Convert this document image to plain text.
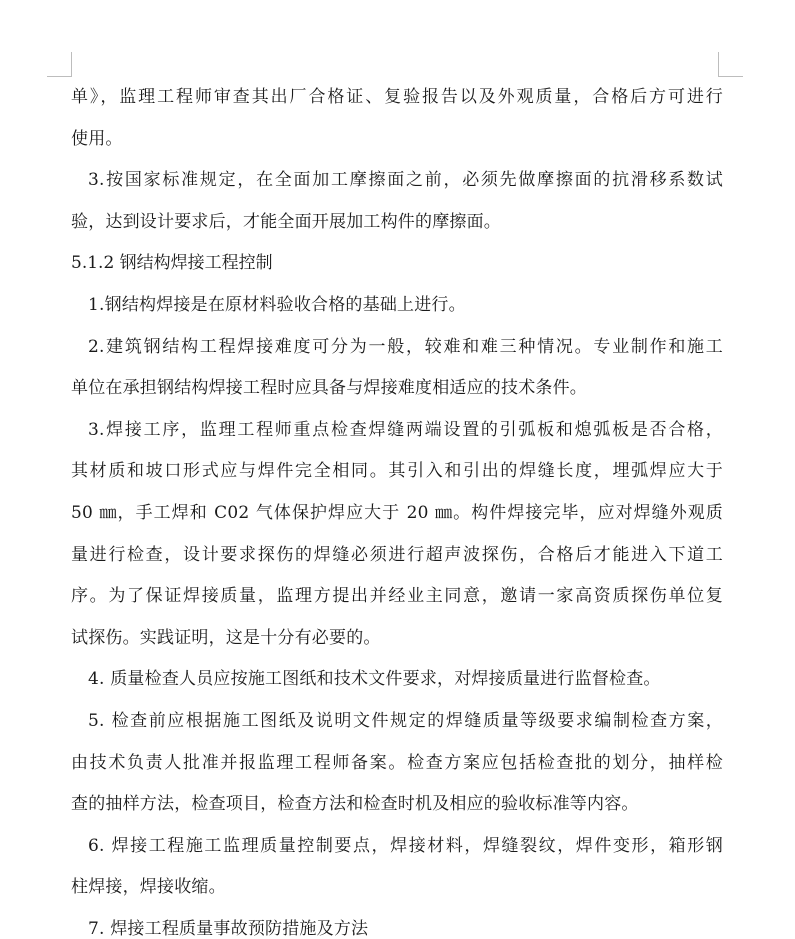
单》，监理工程师审查其出厂合格证、复验报告以及外观质量，合格后方可进行
使用。
3.按国家标准规定，在全面加工摩擦面之前，必须先做摩擦面的抗滑移系数试
验，达到设计要求后，才能全面开展加工构件的摩擦面。
5.1.2 钢结构焊接工程控制
1.钢结构焊接是在原材料验收合格的基础上进行。
2.建筑钢结构工程焊接难度可分为一般，较难和难三种情况。专业制作和施工
单位在承担钢结构焊接工程时应具备与焊接难度相适应的技术条件。
3.焊接工序，监理工程师重点检查焊缝两端设置的引弧板和熄弧板是否合格，
其材质和坡口形式应与焊件完全相同。其引入和引出的焊缝长度，埋弧焊应大于
50 ㎜，手工焊和 C02 气体保护焊应大于 20 ㎜。构件焊接完毕，应对焊缝外观质
量进行检查，设计要求探伤的焊缝必须进行超声波探伤，合格后才能进入下道工
序。为了保证焊接质量，监理方提出并经业主同意，邀请一家高资质探伤单位复
试探伤。实践证明，这是十分有必要的。
4. 质量检查人员应按施工图纸和技术文件要求，对焊接质量进行监督检查。
5. 检查前应根据施工图纸及说明文件规定的焊缝质量等级要求编制检查方案，
由技术负责人批准并报监理工程师备案。检查方案应包括检查批的划分，抽样检
查的抽样方法，检查项目，检查方法和检查时机及相应的验收标准等内容。
6. 焊接工程施工监理质量控制要点，焊接材料，焊缝裂纹，焊件变形，箱形钢
柱焊接，焊接收缩。
7. 焊接工程质量事故预防措施及方法
